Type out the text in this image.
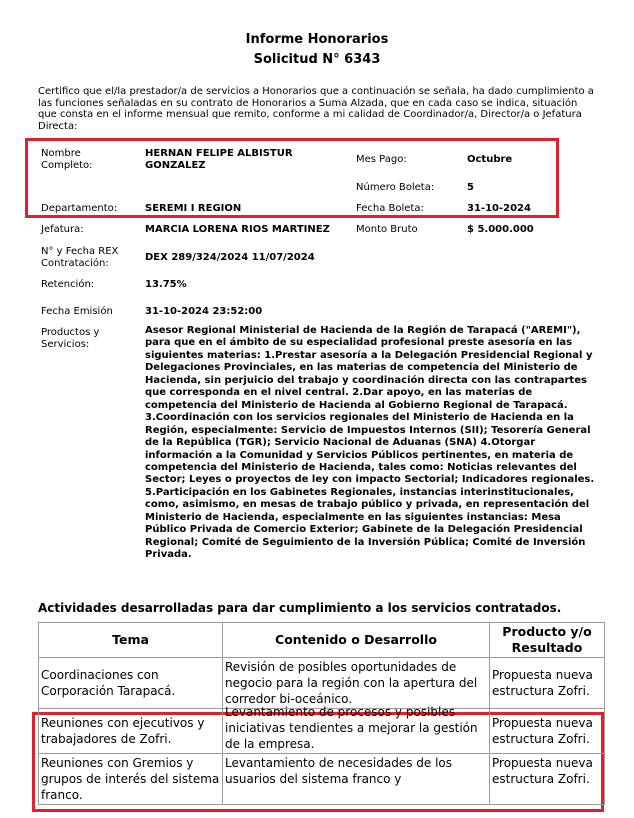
Informe Honorarios
Solicitud N° 6343
Certifico que el/la prestador/a de servicios a Honorarios que a continuación se señala, ha dado cumplimiento a las funciones señaladas en su contrato de Honorarios a Suma Alzada, que en cada caso se indica, situación que consta en el informe mensual que remito, conforme a mi calidad de Coordinador/a, Director/a o Jefatura Directa:
Nombre Completo:
HERNAN FELIPE ALBISTUR GONZALEZ
Mes Pago:	Octubre
Número Boleta:	5
Departamento:	SEREMI I REGION	Fecha Boleta:	31-10-2024
Jefatura:	MARCIA LORENA RIOS MARTINEZ	Monto Bruto	$ 5.000.000
N° y Fecha REX Contratación:
DEX 289/324/2024 11/07/2024
Retención:	13.75%
Fecha Emisión	31-10-2024 23:52:00
Productos y Servicios:
Asesor Regional Ministerial de Hacienda de la Región de Tarapacá ("AREMI"), para que en el ámbito de su especialidad profesional preste asesoría en las siguientes materias: 1.Prestar asesoría a la Delegación Presidencial Regional y Delegaciones Provinciales, en las materias de competencia del Ministerio de Hacienda, sin perjuicio del trabajo y coordinación directa con las contrapartes que corresponda en el nivel central. 2.Dar apoyo, en las materias de competencia del Ministerio de Hacienda al Gobierno Regional de Tarapacá. 3.Coordinación con los servicios regionales del Ministerio de Hacienda en la Región, especialmente: Servicio de Impuestos Internos (SII); Tesorería General de la República (TGR); Servicio Nacional de Aduanas (SNA) 4.Otorgar información a la Comunidad y Servicios Públicos pertinentes, en materia de competencia del Ministerio de Hacienda, tales como: Noticias relevantes del Sector; Leyes o proyectos de ley con impacto Sectorial; Indicadores regionales. 5.Participación en los Gabinetes Regionales, instancias interinstitucionales, como, asimismo, en mesas de trabajo público y privada, en representación del Ministerio de Hacienda, especialmente en las siguientes instancias: Mesa Público Privada de Comercio Exterior; Gabinete de la Delegación Presidencial Regional; Comité de Seguimiento de la Inversión Pública; Comité de Inversión Privada.
Actividades desarrolladas para dar cumplimiento a los servicios contratados.
Tema	Contenido o Desarrollo	Producto y/o Resultado
Coordinaciones con Corporación Tarapacá.	Revisión de posibles oportunidades de negocio para la región con la apertura del corredor bi-oceánico.	Propuesta nueva estructura Zofri.
Reuniones con ejecutivos y trabajadores de Zofri.	Levantamiento de procesos y posibles iniciativas tendientes a mejorar la gestión de la empresa.	Propuesta nueva estructura Zofri.
Reuniones con Gremios y grupos de interés del sistema franco.	Levantamiento de necesidades de los usuarios del sistema franco y	Propuesta nueva estructura Zofri.
